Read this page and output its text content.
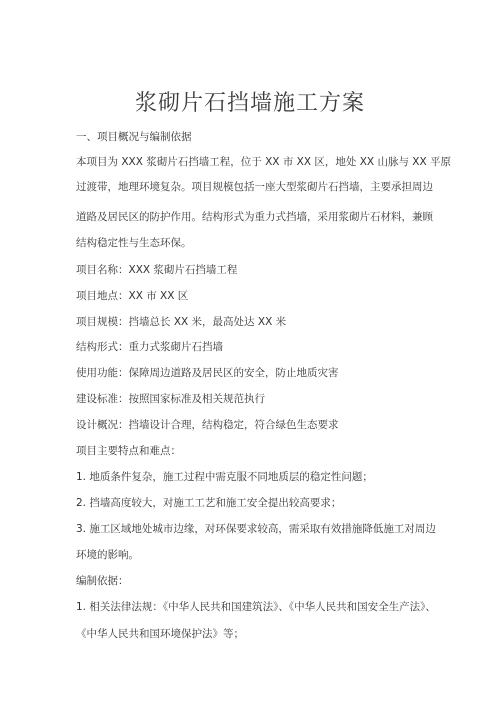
浆砌片石挡墙施工方案
一、项目概况与编制依据
本项目为 XXX 浆砌片石挡墙工程，位于 XX 市 XX 区，地处 XX 山脉与 XX 平原
过渡带，地理环境复杂。项目规模包括一座大型浆砌片石挡墙，主要承担周边
道路及居民区的防护作用。结构形式为重力式挡墙，采用浆砌片石材料，兼顾
结构稳定性与生态环保。
项目名称：XXX 浆砌片石挡墙工程
项目地点：XX 市 XX 区
项目规模：挡墙总长 XX 米，最高处达 XX 米
结构形式：重力式浆砌片石挡墙
使用功能：保障周边道路及居民区的安全，防止地质灾害
建设标准：按照国家标准及相关规范执行
设计概况：挡墙设计合理，结构稳定，符合绿色生态要求
项目主要特点和难点：
1. 地质条件复杂，施工过程中需克服不同地质层的稳定性问题；
2. 挡墙高度较大，对施工工艺和施工安全提出较高要求；
3. 施工区域地处城市边缘，对环保要求较高，需采取有效措施降低施工对周边
环境的影响。
编制依据：
1. 相关法律法规：《中华人民共和国建筑法》、《中华人民共和国安全生产法》、
《中华人民共和国环境保护法》等；
